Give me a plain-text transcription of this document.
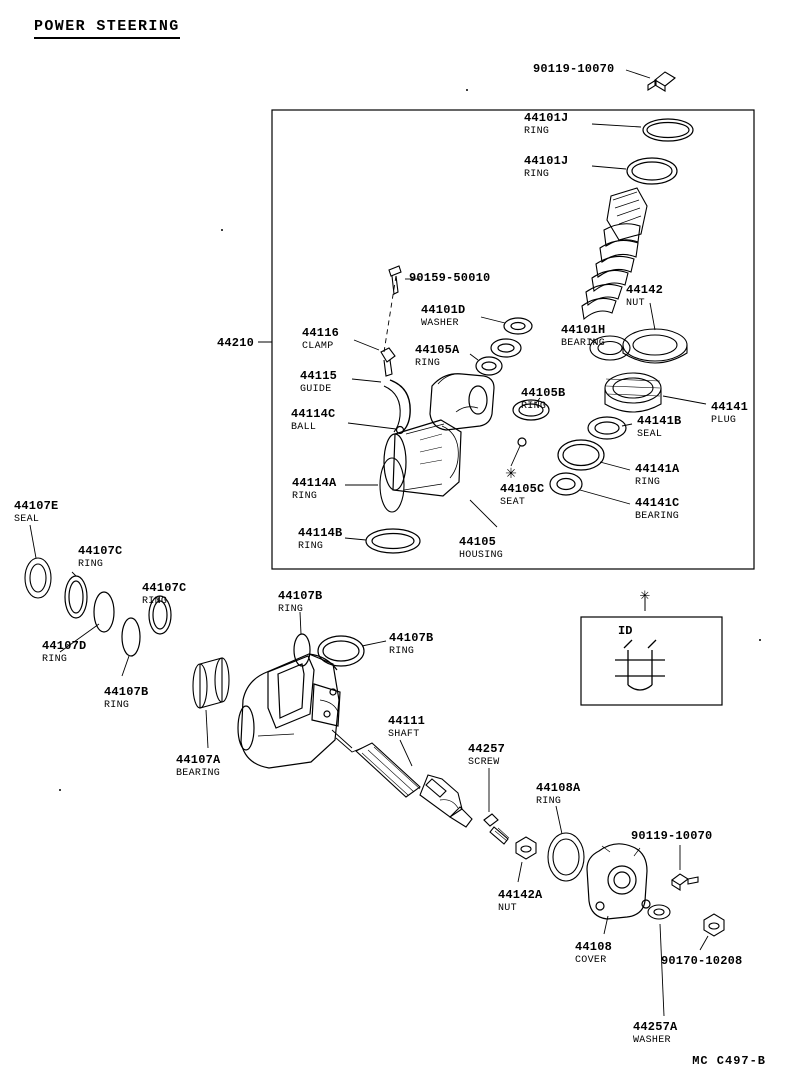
POWER STEERING
✳
✳
90119-10070
44101J
RING
44101J
RING
90159-50010
44142
NUT
44101D
WASHER	44101H
BEARING
44210
44116
CLAMP	44105A
RING
44115
GUIDE	44105B
RING	44141
PLUG
44141B
SEAL
44114C
BALL
44141A
RING
44114A
RING	44105C
SEAT	44141C
BEARING
44114B
RING	44105
HOUSING
44107E
SEAL
44107C
RING
44107C
RING
44107D
RING
44107B
RING
44107B
RING
44107B
RING
44107A
BEARING
44111
SHAFT
44257
SCREW
44108A
RING
90119-10070
44142A
NUT
44108
COVER	90170-10208
44257A
WASHER
ID
MC C497-B
